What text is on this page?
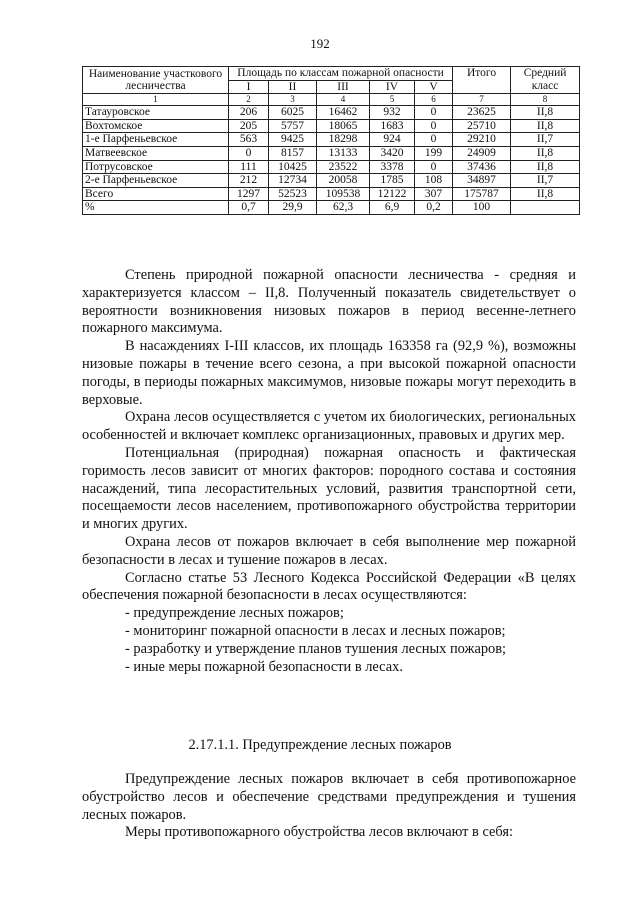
192
Наименование участкового лесничества	Площадь по классам пожарной опасности					Итого	Средний класс
	I	II	III	IV	V		
1	2	3	4	5	6	7	8
Татауровское	206	6025	16462	932	0	23625	II,8
Вохтомское	205	5757	18065	1683	0	25710	II,8
1-е Парфеньевское	563	9425	18298	924	0	29210	II,7
Матвеевское	0	8157	13133	3420	199	24909	II,8
Потрусовское	111	10425	23522	3378	0	37436	II,8
2-е Парфеньевское	212	12734	20058	1785	108	34897	II,7
Всего	1297	52523	109538	12122	307	175787	II,8
%	0,7	29,9	62,3	6,9	0,2	100	

Степень природной пожарной опасности лесничества - средняя и характеризуется классом – II,8. Полученный показатель свидетельствует о вероятности возникновения низовых пожаров в период весенне-летнего пожарного максимума.

В насаждениях I-III классов, их площадь 163358 га (92,9 %), возможны низовые пожары в течение всего сезона, а при высокой пожарной опасности погоды, в периоды пожарных максимумов, низовые пожары могут переходить в верховые.

Охрана лесов осуществляется с учетом их биологических, региональных особенностей и включает комплекс организационных, правовых и других мер.

Потенциальная (природная) пожарная опасность и фактическая горимость лесов зависит от многих факторов: породного состава и состояния насаждений, типа лесорастительных условий, развития транспортной сети, посещаемости лесов населением, противопожарного обустройства территории и многих других.

Охрана лесов от пожаров включает в себя выполнение мер пожарной безопасности в лесах и тушение пожаров в лесах.

Согласно статье 53 Лесного Кодекса Российской Федерации «В целях обеспечения пожарной безопасности в лесах осуществляются:

- предупреждение лесных пожаров;

- мониторинг пожарной опасности в лесах и лесных пожаров;

- разработку и утверждение планов тушения лесных пожаров;

- иные меры пожарной безопасности в лесах.

2.17.1.1. Предупреждение лесных пожаров

Предупреждение лесных пожаров включает в себя противопожарное обустройство лесов и обеспечение средствами предупреждения и тушения лесных пожаров.

Меры противопожарного обустройства лесов включают в себя:
